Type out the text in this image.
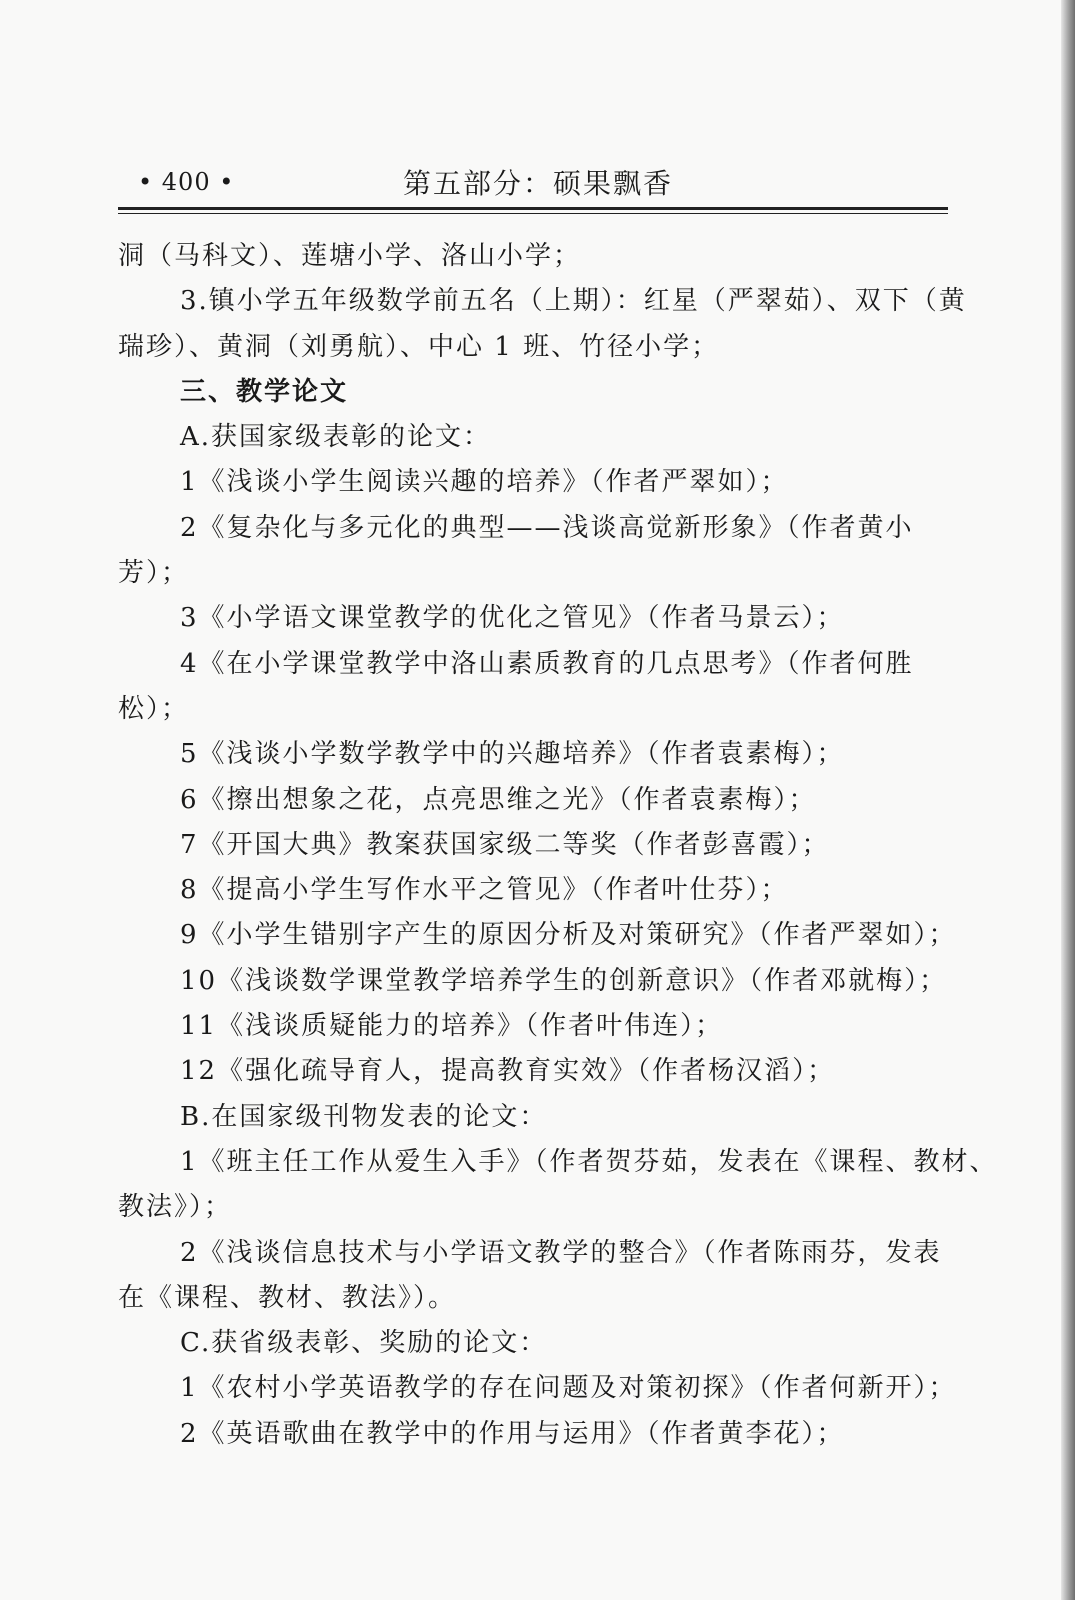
• 400 •	第五部分：硕果飘香
洞（马科文）、莲塘小学、洛山小学；
3.镇小学五年级数学前五名（上期）：红星（严翠茹）、双下（黄
瑞珍）、黄洞（刘勇航）、中心 1 班、竹径小学；
三、教学论文
A.获国家级表彰的论文：
1《浅谈小学生阅读兴趣的培养》（作者严翠如）；
2《复杂化与多元化的典型——浅谈高觉新形象》（作者黄小
芳）；
3《小学语文课堂教学的优化之管见》（作者马景云）；
4《在小学课堂教学中洛山素质教育的几点思考》（作者何胜
松）；
5《浅谈小学数学教学中的兴趣培养》（作者袁素梅）；
6《擦出想象之花，点亮思维之光》（作者袁素梅）；
7《开国大典》教案获国家级二等奖（作者彭喜霞）；
8《提高小学生写作水平之管见》（作者叶仕芬）；
9《小学生错别字产生的原因分析及对策研究》（作者严翠如）；
10《浅谈数学课堂教学培养学生的创新意识》（作者邓就梅）；
11《浅谈质疑能力的培养》（作者叶伟连）；
12《强化疏导育人，提高教育实效》（作者杨汉滔）；
B.在国家级刊物发表的论文：
1《班主任工作从爱生入手》（作者贺芬茹，发表在《课程、教材、
教法》）；
2《浅谈信息技术与小学语文教学的整合》（作者陈雨芬，发表
在《课程、教材、教法》）。
C.获省级表彰、奖励的论文：
1《农村小学英语教学的存在问题及对策初探》（作者何新开）；
2《英语歌曲在教学中的作用与运用》（作者黄李花）；
